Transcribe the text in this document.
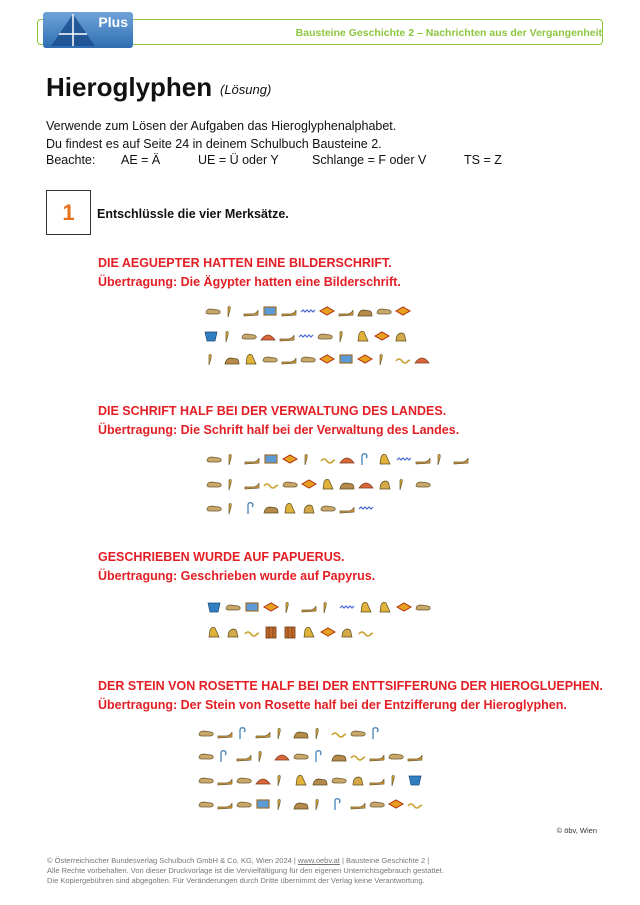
Plus
Bausteine Geschichte 2 – Nachrichten aus der Vergangenheit
Hieroglyphen (Lösung)

Verwende zum Lösen der Aufgaben das Hieroglyphenalphabet.

Du findest es auf Seite 24 in deinem Schulbuch Bausteine 2.

Beachte: AE = Ä	UE = Ü oder Y	Schlange = F oder V	TS = Z
1	Entschlüssle die vier Merksätze.
DIE AEGUEPTER HATTEN EINE BILDERSCHRIFT.
Übertragung: Die Ägypter hatten eine Bilderschrift.
DIE SCHRIFT HALF BEI DER VERWALTUNG DES LANDES.
Übertragung: Die Schrift half bei der Verwaltung des Landes.
GESCHRIEBEN WURDE AUF PAPUERUS.
Übertragung: Geschrieben wurde auf Papyrus.
DER STEIN VON ROSETTE HALF BEI DER ENTTSIFFERUNG DER HIEROGLUEPHEN.
Übertragung: Der Stein von Rosette half bei der Entzifferung der Hieroglyphen.
© öbv, Wien

© Österreichischer Bundesverlag Schulbuch GmbH & Co. KG, Wien 2024 | www.oebv.at | Bausteine Geschichte 2 |

Alle Rechte vorbehalten. Von dieser Druckvorlage ist die Vervielfältigung für den eigenen Unterrichtsgebrauch gestattet.

Die Kopiergebühren sind abgegolten. Für Veränderungen durch Dritte übernimmt der Verlag keine Verantwortung.
